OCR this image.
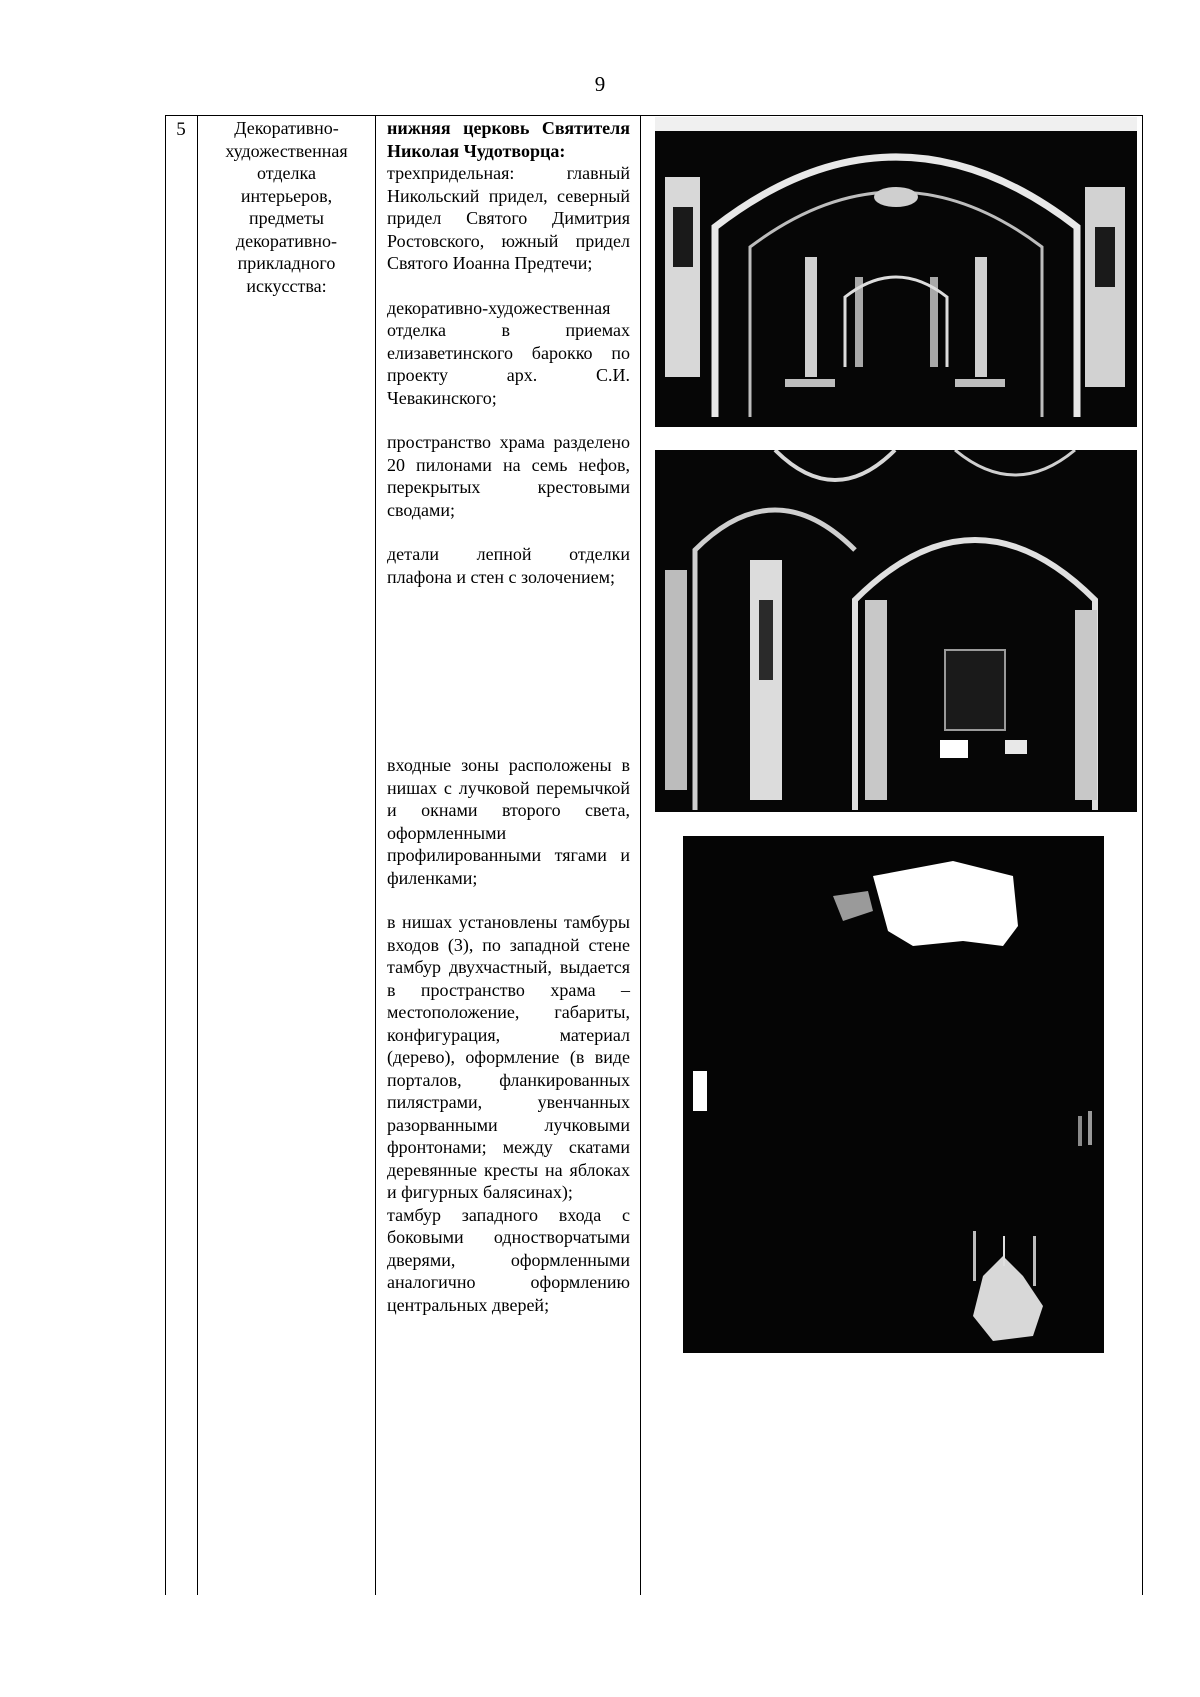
9
5	Декоративно-
художественная
отделка
интерьеров,
предметы
декоративно-
прикладного
искусства:

нижняя церковь Святителя Николая Чудотворца:

трехпридельная: главный Никольский придел, северный придел Святого Димитрия Ростовского, южный придел Святого Иоанна Предтечи;

декоративно-художественная отделка в приемах елизаветинского барокко по проекту арх. С.И. Чевакинского;

пространство храма разделено 20 пилонами на семь нефов, перекрытых крестовыми сводами;

детали лепной отделки плафона и стен с золочением;

входные зоны расположены в нишах с лучковой перемычкой и окнами второго света, оформленными профилированными тягами и филенками;

в нишах установлены тамбуры входов (3), по западной стене тамбур двухчастный, выдается в пространство храма – местоположение, габариты, конфигурация, материал (дерево), оформление (в виде порталов, фланкированных пилястрами, увенчанных разорванными лучковыми фронтонами; между скатами деревянные кресты на яблоках и фигурных балясинах);

тамбур западного входа с боковыми одностворчатыми дверями, оформленными аналогично оформлению центральных дверей;
